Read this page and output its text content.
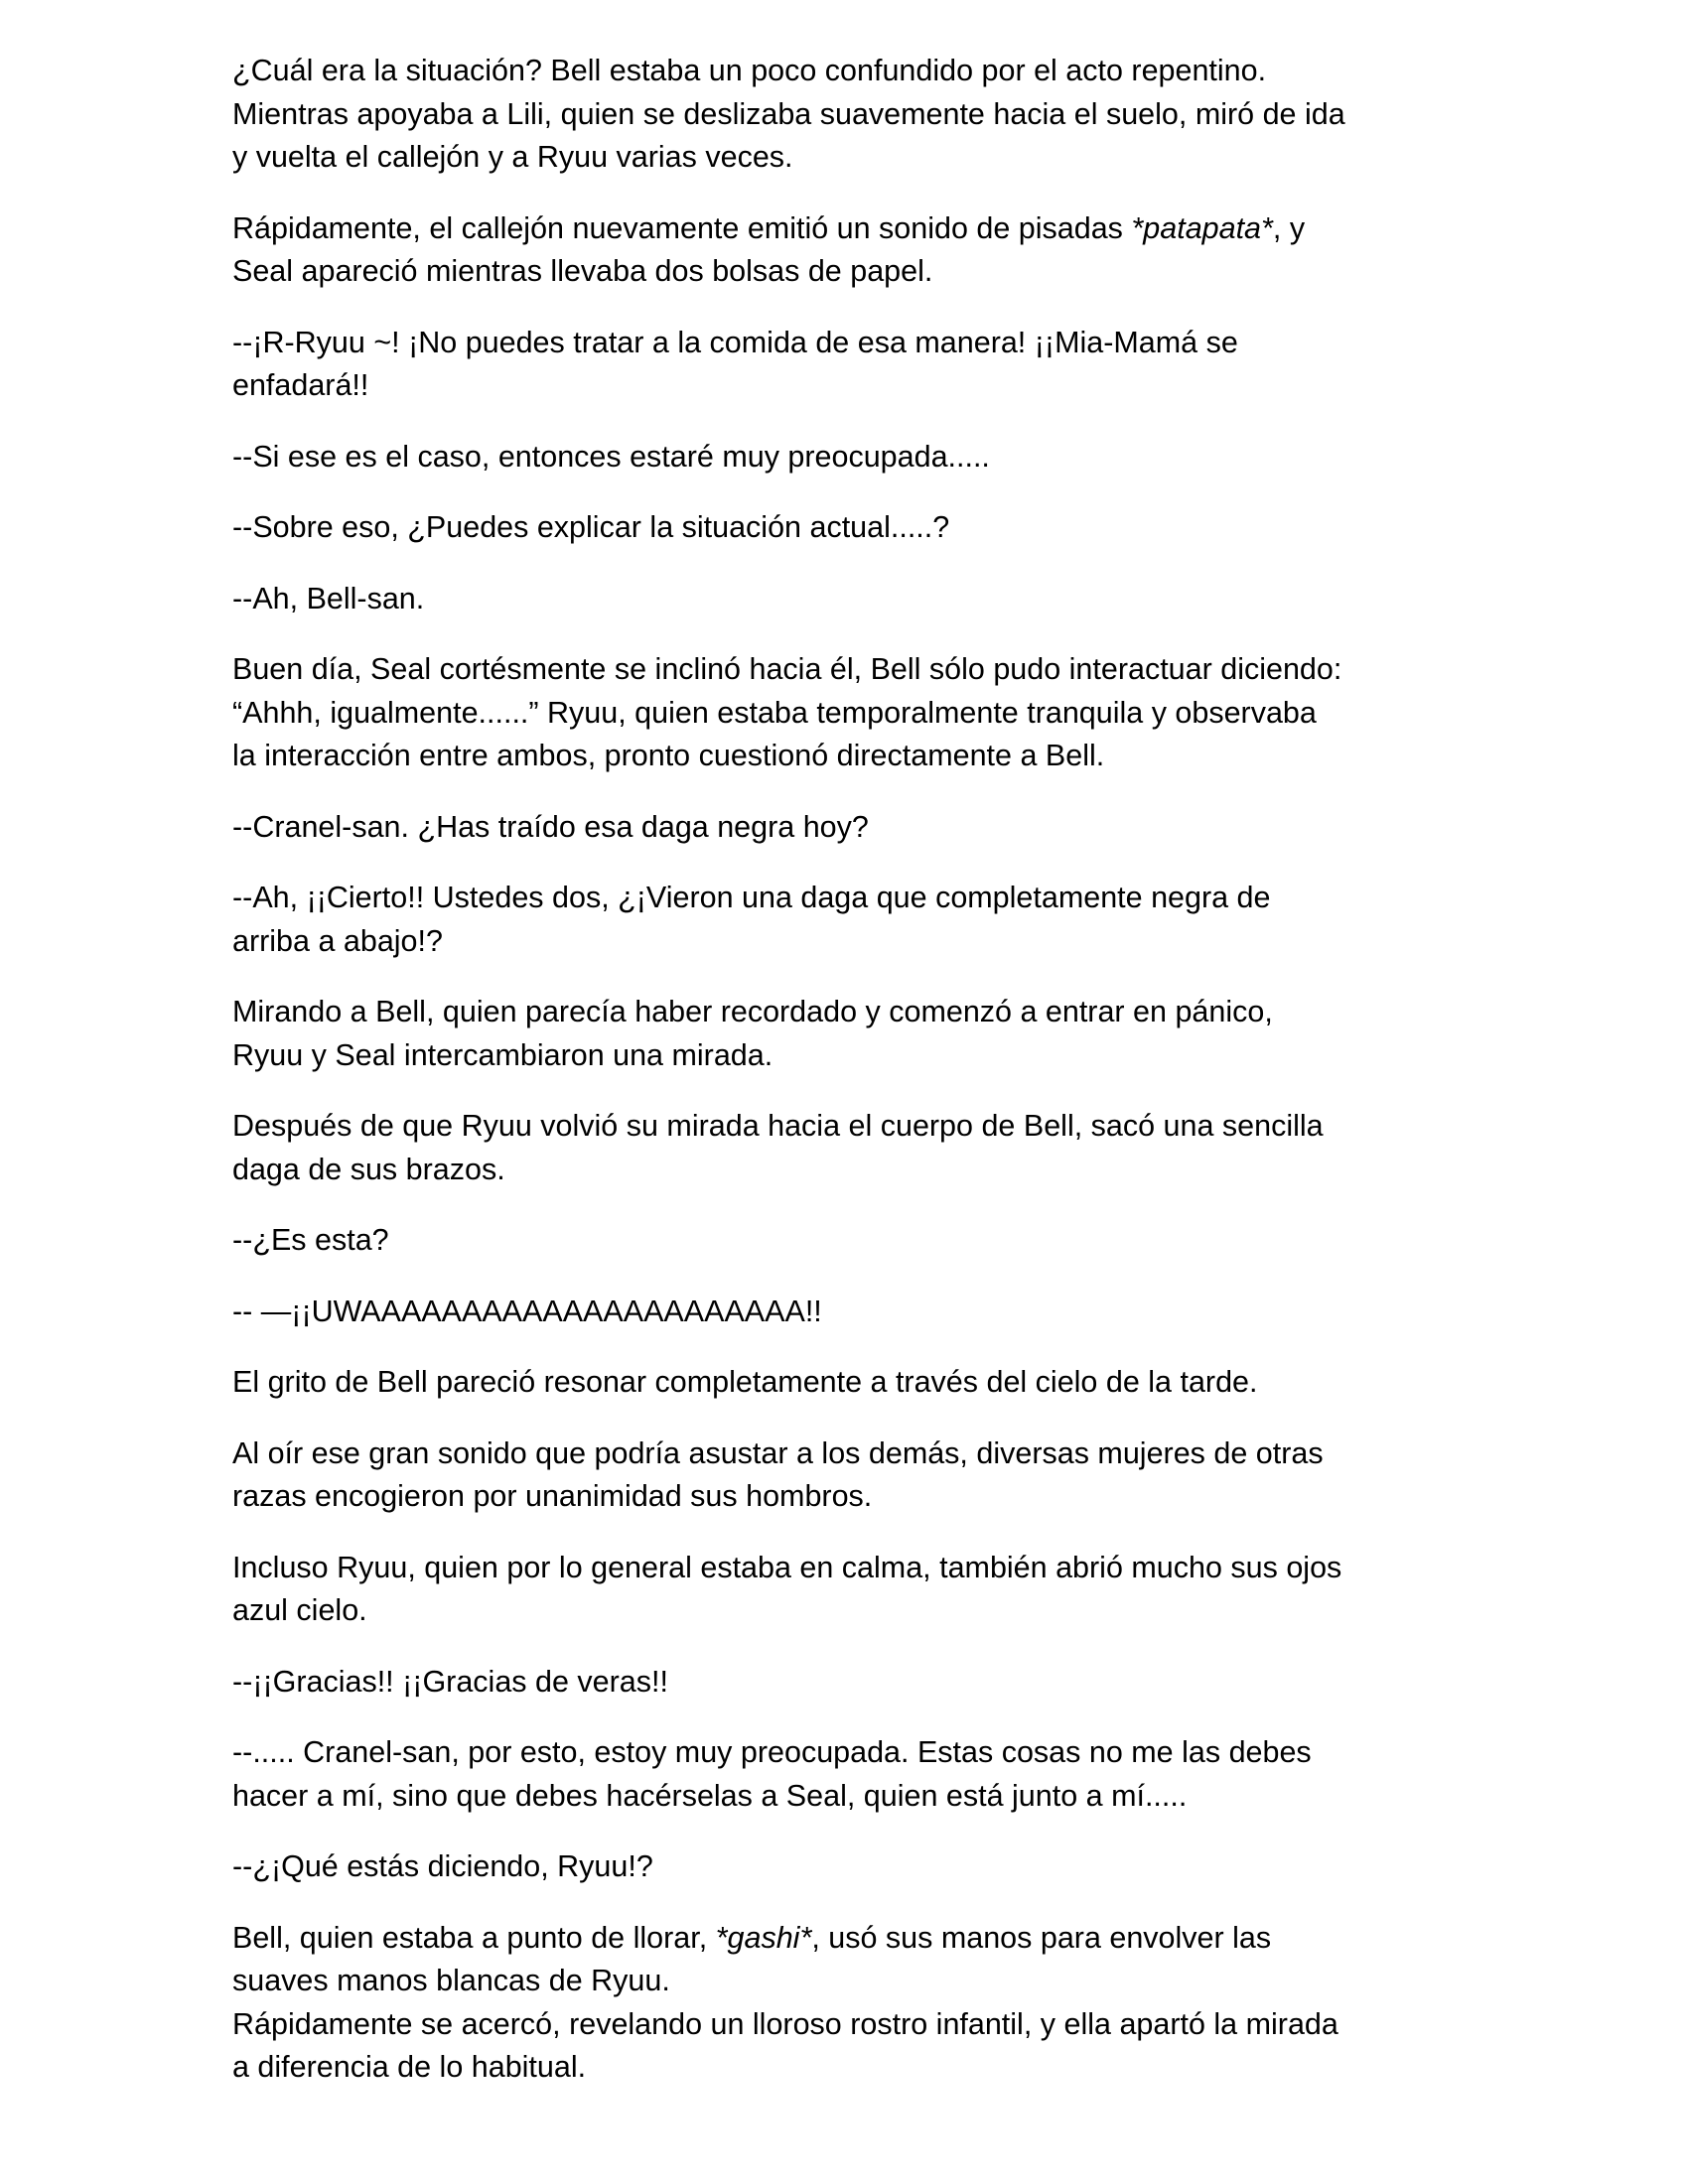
¿Cuál era la situación? Bell estaba un poco confundido por el acto repentino.
Mientras apoyaba a Lili, quien se deslizaba suavemente hacia el suelo, miró de ida
y vuelta el callejón y a Ryuu varias veces.
Rápidamente, el callejón nuevamente emitió un sonido de pisadas *patapata*, y
Seal apareció mientras llevaba dos bolsas de papel.
--¡R-Ryuu ~! ¡No puedes tratar a la comida de esa manera! ¡¡Mia-Mamá se
enfadará!!
--Si ese es el caso, entonces estaré muy preocupada.....
--Sobre eso, ¿Puedes explicar la situación actual.....?
--Ah, Bell-san.
Buen día, Seal cortésmente se inclinó hacia él, Bell sólo pudo interactuar diciendo:
“Ahhh, igualmente......” Ryuu, quien estaba temporalmente tranquila y observaba
la interacción entre ambos, pronto cuestionó directamente a Bell.
--Cranel-san. ¿Has traído esa daga negra hoy?
--Ah, ¡¡Cierto!! Ustedes dos, ¿¡Vieron una daga que completamente negra de
arriba a abajo!?
Mirando a Bell, quien parecía haber recordado y comenzó a entrar en pánico,
Ryuu y Seal intercambiaron una mirada.
Después de que Ryuu volvió su mirada hacia el cuerpo de Bell, sacó una sencilla
daga de sus brazos.
--¿Es esta?
-- —¡¡UWAAAAAAAAAAAAAAAAAAAAAA!!
El grito de Bell pareció resonar completamente a través del cielo de la tarde.
Al oír ese gran sonido que podría asustar a los demás, diversas mujeres de otras
razas encogieron por unanimidad sus hombros.
Incluso Ryuu, quien por lo general estaba en calma, también abrió mucho sus ojos
azul cielo.
--¡¡Gracias!! ¡¡Gracias de veras!!
--..... Cranel-san, por esto, estoy muy preocupada. Estas cosas no me las debes
hacer a mí, sino que debes hacérselas a Seal, quien está junto a mí.....
--¿¡Qué estás diciendo, Ryuu!?
Bell, quien estaba a punto de llorar, *gashi*, usó sus manos para envolver las
suaves manos blancas de Ryuu.
Rápidamente se acercó, revelando un lloroso rostro infantil, y ella apartó la mirada
a diferencia de lo habitual.
